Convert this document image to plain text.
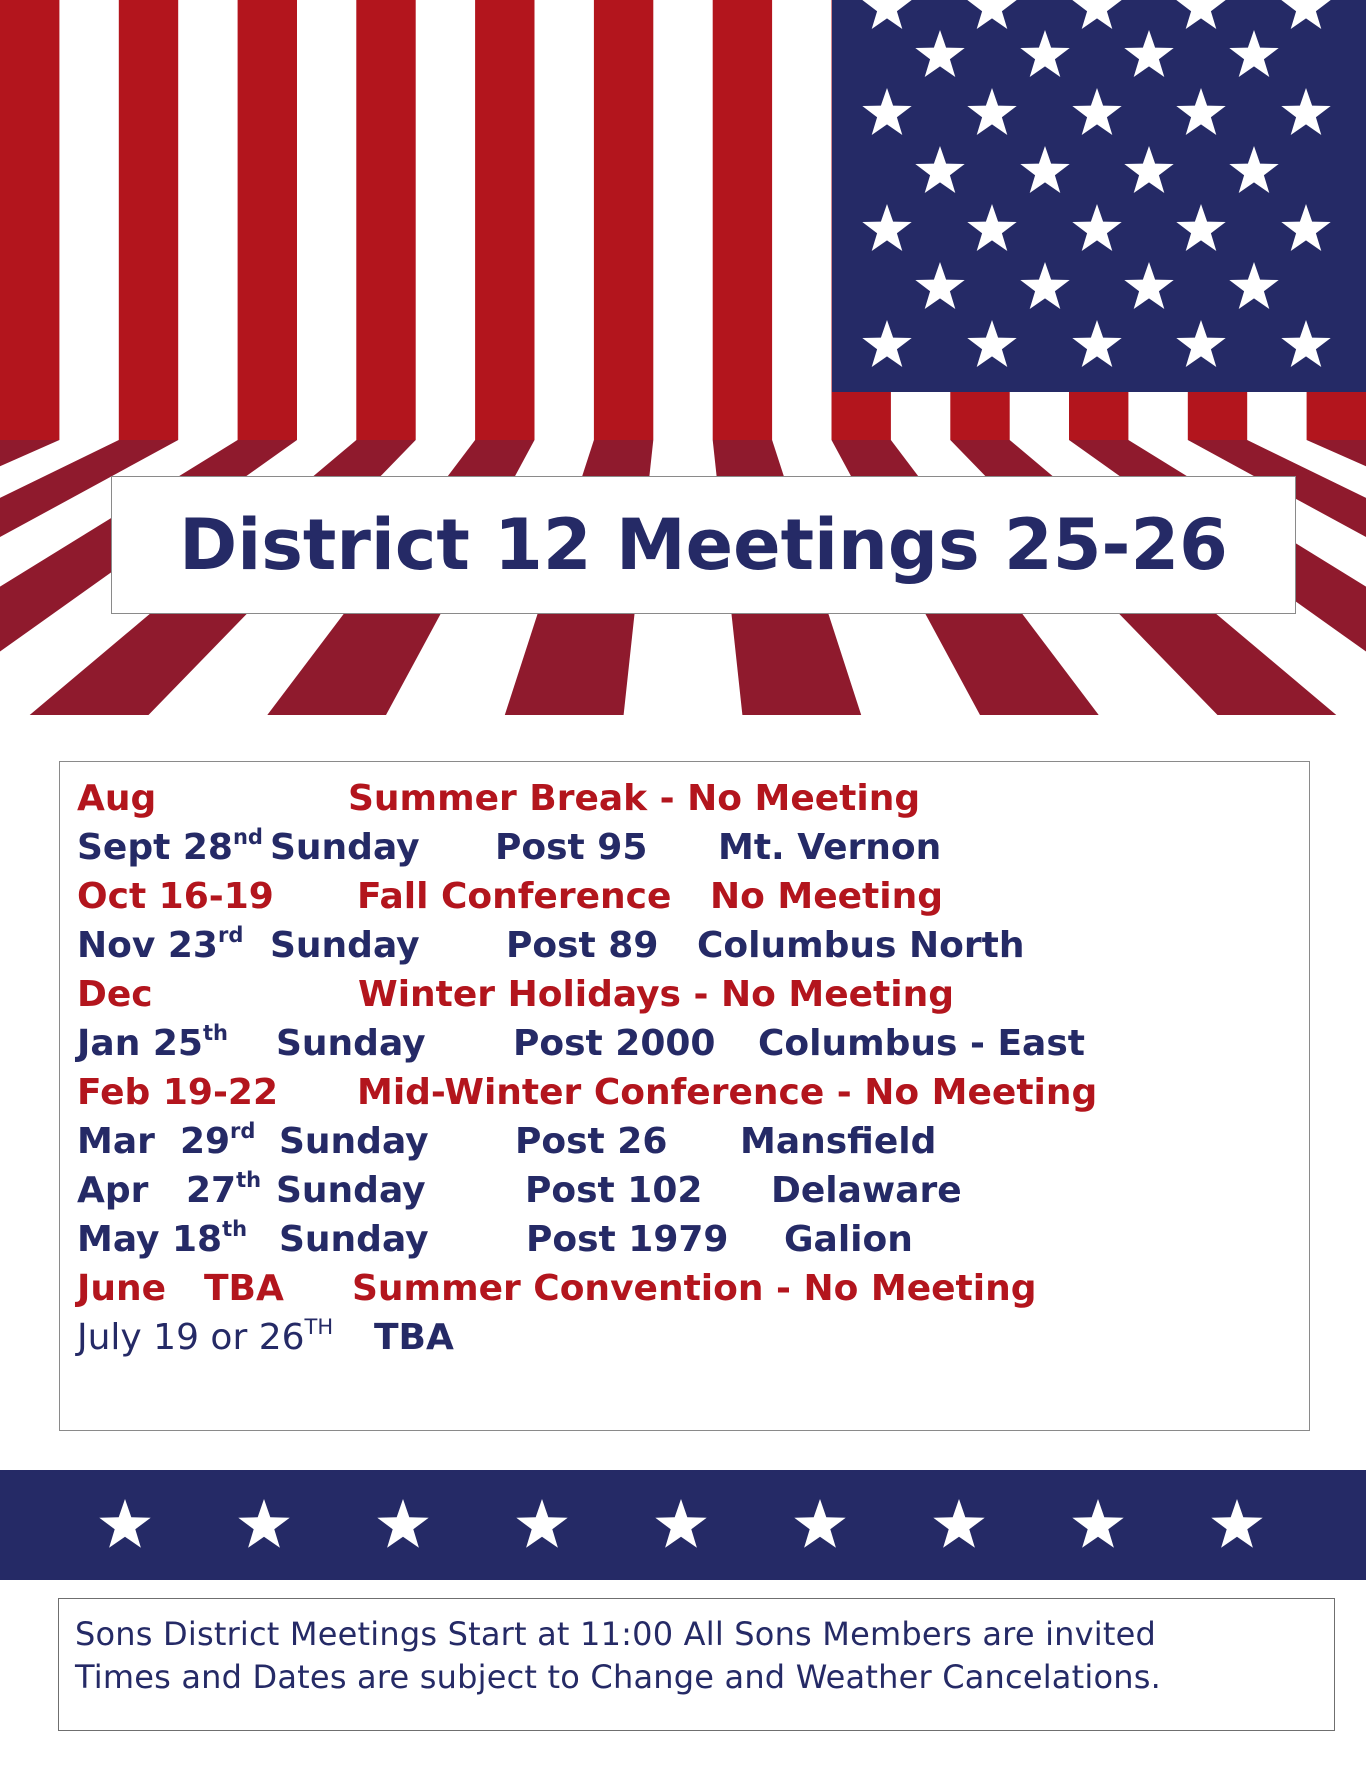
District 12 Meetings 25-26
Aug	Summer Break - No Meeting
Sept 28nd Sunday Post 95 Mt. Vernon
Oct 16-19 Fall Conference No Meeting
Nov 23rd Sunday Post 89 Columbus North
Dec	Winter Holidays - No Meeting
Jan 25th Sunday Post 2000 Columbus - East
Feb 19-22 Mid-Winter Conference - No Meeting
Mar  29rd Sunday Post 26 Mansfield
Apr   27th Sunday	Post 102 Delaware
May 18th Sunday	Post 1979 Galion
June TBA Summer Convention - No Meeting
July 19 or 26TH TBA
Sons District Meetings Start at 11:00 All Sons Members are invited
Times and Dates are subject to Change and Weather Cancelations.
